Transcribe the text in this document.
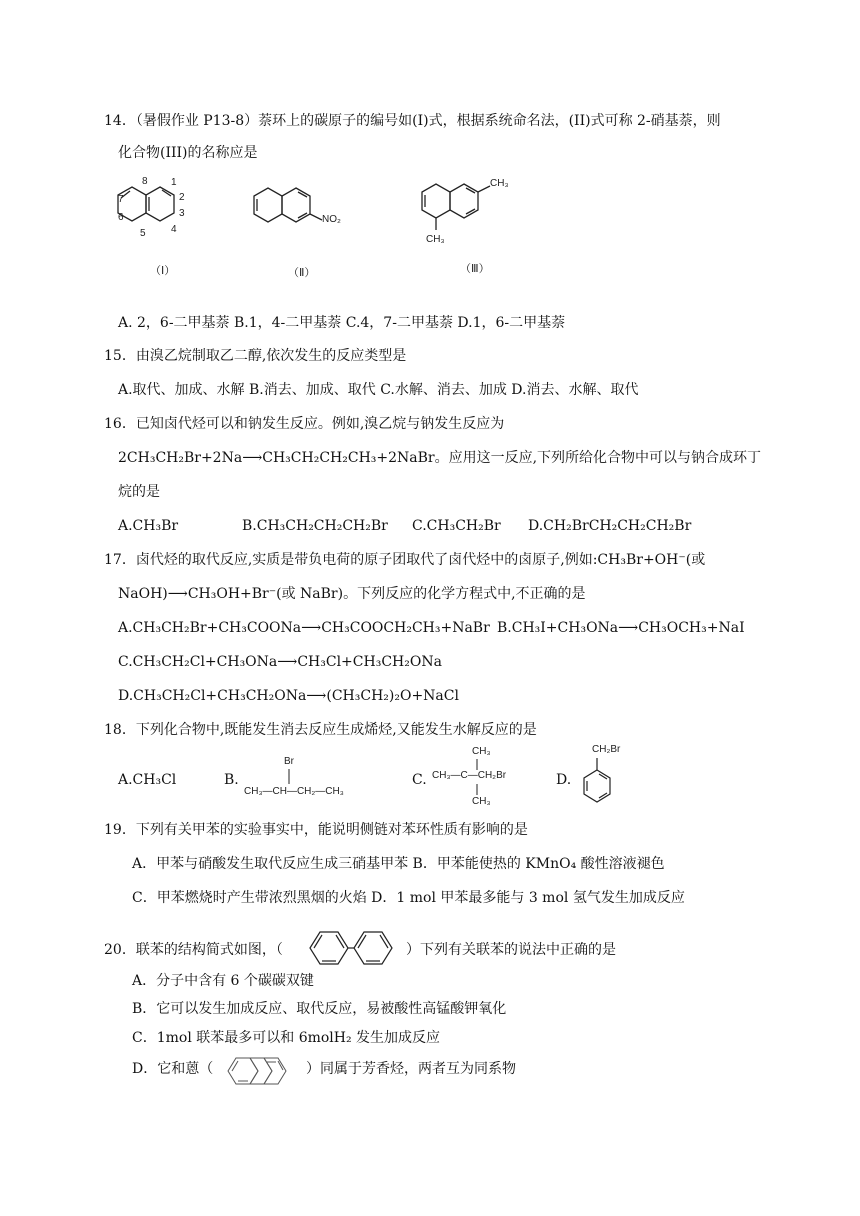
14．（暑假作业 P13-8）萘环上的碳原子的编号如(I)式，根据系统命名法，(II)式可称 2-硝基萘，则
化合物(III)的名称应是
1
2
3
4
5
6
7
8
（Ⅰ）
NO₂
（Ⅱ）
CH₃
CH₃
（Ⅲ）
A. 2，6-二甲基萘 B.1，4-二甲基萘 C.4，7-二甲基萘 D.1，6-二甲基萘
15．由溴乙烷制取乙二醇,依次发生的反应类型是
A.取代、加成、水解 B.消去、加成、取代 C.水解、消去、加成 D.消去、水解、取代
16．已知卤代烃可以和钠发生反应。例如,溴乙烷与钠发生反应为
2CH₃CH₂Br+2Na⟶CH₃CH₂CH₂CH₃+2NaBr。应用这一反应,下列所给化合物中可以与钠合成环丁
烷的是
A.CH₃Br	B.CH₃CH₂CH₂CH₂Br C.CH₃CH₂Br D.CH₂BrCH₂CH₂CH₂Br
17．卤代烃的取代反应,实质是带负电荷的原子团取代了卤代烃中的卤原子,例如:CH₃Br+OH⁻(或
NaOH)⟶CH₃OH+Br⁻(或 NaBr)。下列反应的化学方程式中,不正确的是
A.CH₃CH₂Br+CH₃COONa⟶CH₃COOCH₂CH₃+NaBr B.CH₃I+CH₃ONa⟶CH₃OCH₃+NaI
C.CH₃CH₂Cl+CH₃ONa⟶CH₃Cl+CH₃CH₂ONa
D.CH₃CH₂Cl+CH₃CH₂ONa⟶(CH₃CH₂)₂O+NaCl
18．下列化合物中,既能发生消去反应生成烯烃,又能发生水解反应的是
A.CH₃Cl	B.
Br
CH₃—CH—CH₂—CH₃
C.
CH₃
CH₃—C—CH₂Br
CH₃
D.
CH₂Br
19．下列有关甲苯的实验事实中，能说明侧链对苯环性质有影响的是
A．甲苯与硝酸发生取代反应生成三硝基甲苯 B．甲苯能使热的 KMnO₄ 酸性溶液褪色
C．甲苯燃烧时产生带浓烈黑烟的火焰 D．1 mol 甲苯最多能与 3 mol 氢气发生加成反应
20．联苯的结构简式如图，（	）下列有关联苯的说法中正确的是
A．分子中含有 6 个碳碳双键
B．它可以发生加成反应、取代反应，易被酸性高锰酸钾氧化
C．1mol 联苯最多可以和 6molH₂ 发生加成反应
D．它和蒽（	）同属于芳香烃，两者互为同系物
